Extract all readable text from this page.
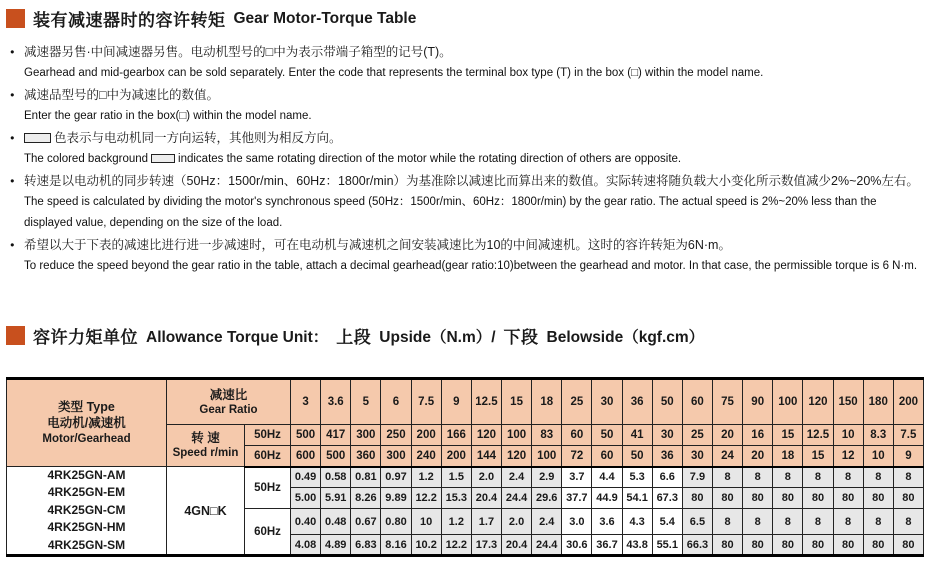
装有减速器时的容许转矩 Gear Motor-Torque Table
● 减速器另售·中间减速器另售。电动机型号的□中为表示带端子箱型的记号(T)。
Gearhead and mid-gearbox can be sold separately. Enter the code that represents the terminal box type (T) in the box (□) within the model name.
● 减速品型号的□中为减速比的数值。
Enter the gear ratio in the box(□) within the model name.
● 色表示与电动机同一方向运转，其他则为相反方向。
The colored background	indicates the same rotating direction of the motor while the rotating direction of others are opposite.
● 转速是以电动机的同步转速（50Hz：1500r/min、60Hz：1800r/min）为基准除以减速比而算出来的数值。实际转速将随负载大小变化所示数值减少2%~20%左右。
The speed is calculated by dividing the motor's synchronous speed (50Hz：1500r/min、60Hz：1800r/min) by the gear ratio. The actual speed is 2%~20% less than the displayed value, depending on the size of the load.
● 希望以大于下表的减速比进行进一步减速时，可在电动机与减速机之间安装减速比为10的中间减速机。这时的容许转矩为6N·m。
To reduce the speed beyond the gear ratio in the table, attach a decimal gearhead(gear ratio:10)between the gearhead and motor. In that case, the permissible torque is 6 N·m.
容许力矩单位 Allowance Torque Unit： 上段 Upside（N.m）/ 下段 Belowside（kgf.cm）
类型 Type
电动机/减速机
Motor/Gearhead

减速比
Gear Ratio
	3	3.6	5	6	7.5	9	12.5	15	18	25	30	36	50	60	75	90	100	120	150	180	200

	转 速
Speed r/min	50Hz	500	417	300	250	200	166	120	100	83	60	50	41	30	25	20	16	15	12.5	10	8.3	7.5
		60Hz	600	500	360	300	240	200	144	120	100	72	60	50	36	30	24	20	18	15	12	10	9

4RK25GN-AM
4RK25GN-EM
4RK25GN-CM
4RK25GN-HM
4RK25GN-SM	4GN□K	50Hz	0.49	0.58	0.81	0.97	1.2	1.5	2.0	2.4	2.9	3.7	4.4	5.3	6.6	7.9	8	8	8	8	8	8	8
			5.00	5.91	8.26	9.89	12.2	15.3	20.4	24.4	29.6	37.7	44.9	54.1	67.3	80	80	80	80	80	80	80	80
		60Hz	0.40	0.48	0.67	0.80	10	1.2	1.7	2.0	2.4	3.0	3.6	4.3	5.4	6.5	8	8	8	8	8	8	8
			4.08	4.89	6.83	8.16	10.2	12.2	17.3	20.4	24.4	30.6	36.7	43.8	55.1	66.3	80	80	80	80	80	80	80
